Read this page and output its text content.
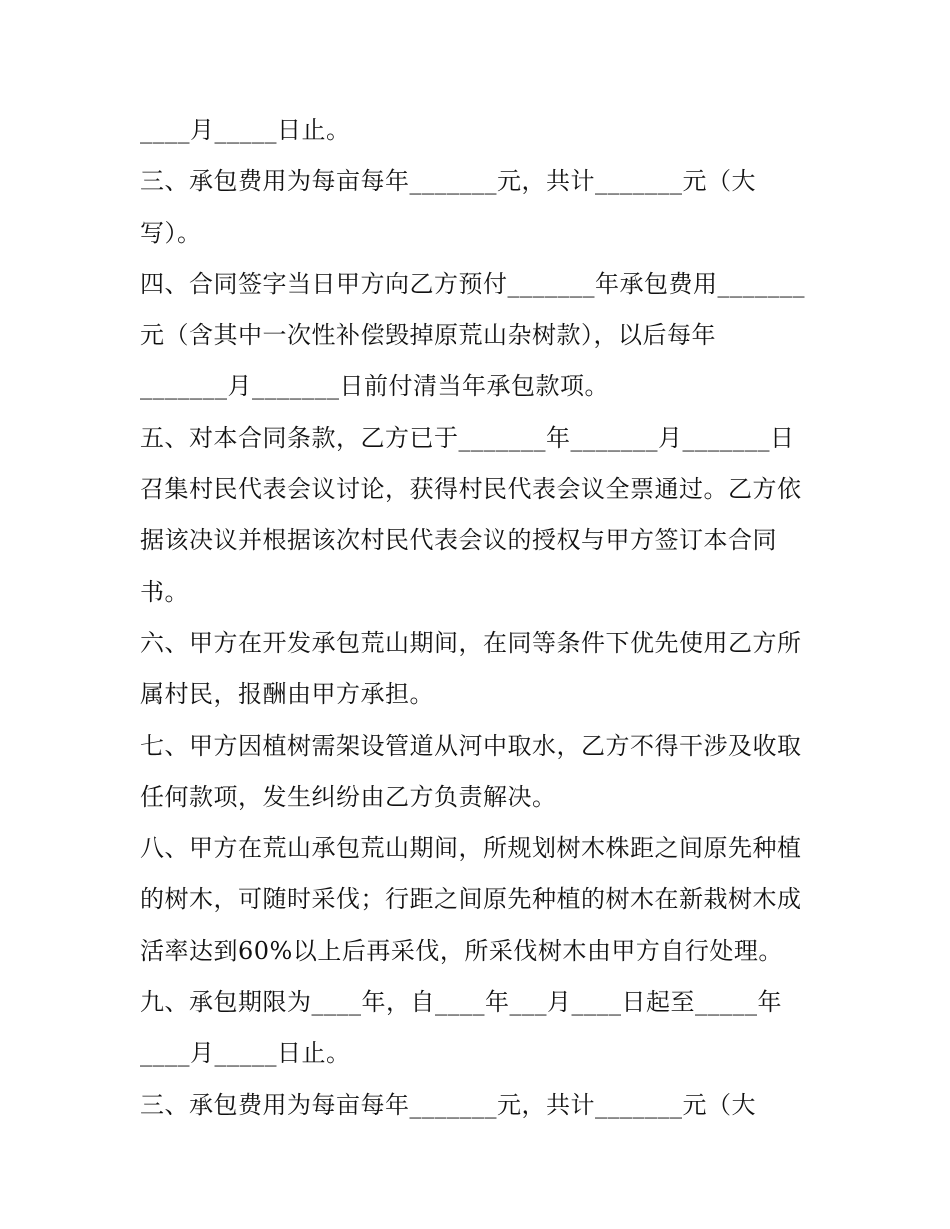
____月_____日止。
三、承包费用为每亩每年_______元，共计_______元（大
写）。
四、合同签字当日甲方向乙方预付_______年承包费用_______
元（含其中一次性补偿毁掉原荒山杂树款），以后每年
_______月_______日前付清当年承包款项。
五、对本合同条款，乙方已于_______年_______月_______日
召集村民代表会议讨论，获得村民代表会议全票通过。乙方依
据该决议并根据该次村民代表会议的授权与甲方签订本合同
书。
六、甲方在开发承包荒山期间，在同等条件下优先使用乙方所
属村民，报酬由甲方承担。
七、甲方因植树需架设管道从河中取水，乙方不得干涉及收取
任何款项，发生纠纷由乙方负责解决。
八、甲方在荒山承包荒山期间，所规划树木株距之间原先种植
的树木，可随时采伐；行距之间原先种植的树木在新栽树木成
活率达到60%以上后再采伐，所采伐树木由甲方自行处理。
九、承包期限为____年，自____年___月____日起至_____年
____月_____日止。
三、承包费用为每亩每年_______元，共计_______元（大
